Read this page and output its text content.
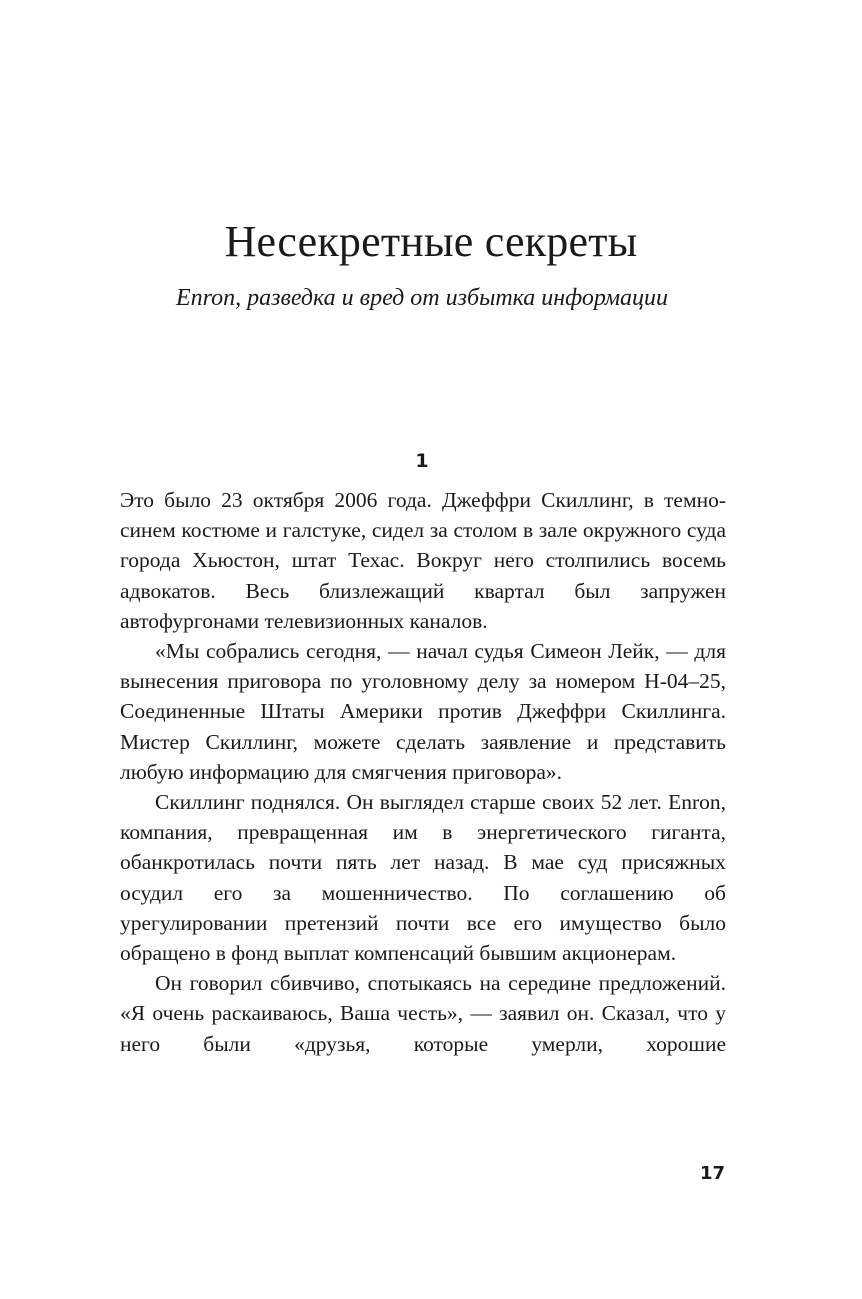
Несекретные секреты

Enron, разведка и вред от избытка информации

1

Это было 23 октября 2006 года. Джеффри Скиллинг, в темно-синем костюме и галстуке, сидел за столом в зале окружного суда города Хьюстон, штат Техас. Вокруг него столпились восемь адвокатов. Весь близлежащий квартал был запружен автофургонами телевизионных каналов.

«Мы собрались сегодня, — начал судья Симеон Лейк, — для вынесения приговора по уголовному делу за номером Н-04–25, Соединенные Штаты Америки против Джеффри Скиллинга. Мистер Скиллинг, можете сделать заявление и представить любую информацию для смягчения приговора».

Скиллинг поднялся. Он выглядел старше своих 52 лет. Enron, компания, превращенная им в энергетического гиганта, обанкротилась почти пять лет назад. В мае суд присяжных осудил его за мошенничество. По соглашению об урегулировании претензий почти все его имущество было обращено в фонд выплат компенсаций бывшим акционерам.

Он говорил сбивчиво, спотыкаясь на середине предложений. «Я очень раскаиваюсь, Ваша честь», — заявил он. Сказал, что у него были «друзья, которые умерли, хорошие

17
